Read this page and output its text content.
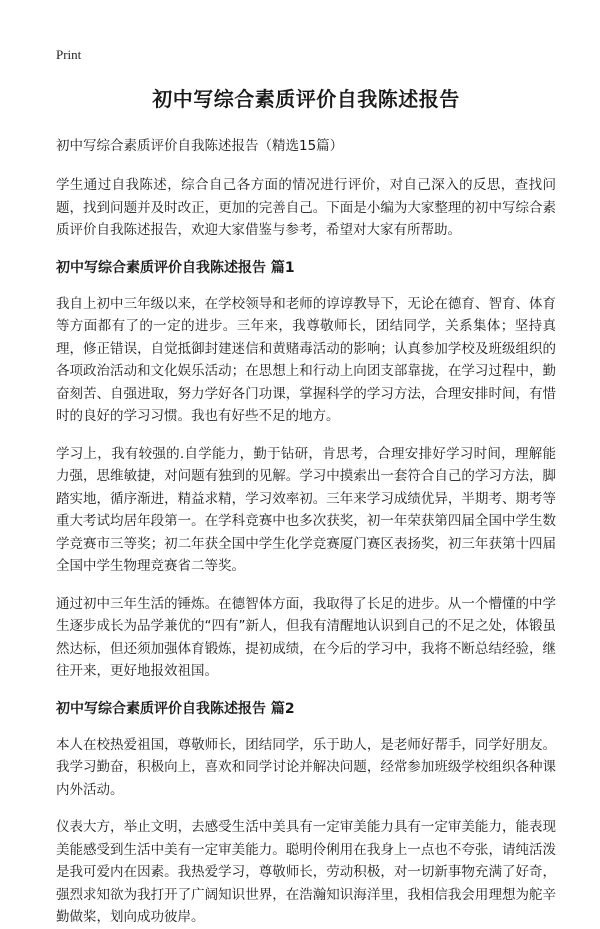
Print
初中写综合素质评价自我陈述报告
初中写综合素质评价自我陈述报告（精选15篇）

学生通过自我陈述，综合自己各方面的情况进行评价，对自己深入的反思，查找问题，找到问题并及时改正，更加的完善自己。下面是小编为大家整理的初中写综合素质评价自我陈述报告，欢迎大家借鉴与参考，希望对大家有所帮助。

初中写综合素质评价自我陈述报告 篇1

我自上初中三年级以来，在学校领导和老师的谆谆教导下，无论在德育、智育、体育等方面都有了的一定的进步。三年来，我尊敬师长，团结同学，关系集体；坚持真理，修正错误，自觉抵御封建迷信和黄赌毒活动的影响；认真参加学校及班级组织的各项政治活动和文化娱乐活动；在思想上和行动上向团支部靠拢，在学习过程中，勤奋刻苦、自强进取，努力学好各门功课，掌握科学的学习方法，合理安排时间，有惜时的良好的学习习惯。我也有好些不足的地方。

学习上，我有较强的.自学能力，勤于钻研，肯思考，合理安排好学习时间，理解能力强，思维敏捷，对问题有独到的见解。学习中摸索出一套符合自己的学习方法，脚踏实地，循序渐进，精益求精，学习效率初。三年来学习成绩优异，半期考、期考等重大考试均居年段第一。在学科竞赛中也多次获奖，初一年荣获第四届全国中学生数学竞赛市三等奖；初二年获全国中学生化学竞赛厦门赛区表扬奖，初三年获第十四届全国中学生物理竞赛省二等奖。

通过初中三年生活的锤炼。在德智体方面，我取得了长足的进步。从一个懵懂的中学生逐步成长为品学兼优的“四有”新人，但我有清醒地认识到自己的不足之处，体锻虽然达标，但还须加强体育锻炼，提初成绩，在今后的学习中，我将不断总结经验，继往开来，更好地报效祖国。

初中写综合素质评价自我陈述报告 篇2

本人在校热爱祖国，尊敬师长，团结同学，乐于助人，是老师好帮手，同学好朋友。我学习勤奋，积极向上，喜欢和同学讨论并解决问题，经常参加班级学校组织各种课内外活动。

仪表大方，举止文明，去感受生活中美具有一定审美能力具有一定审美能力，能表现美能感受到生活中美有一定审美能力。聪明伶俐用在我身上一点也不夸张，请纯活泼是我可爱内在因素。我热爱学习，尊敬师长，劳动积极，对一切新事物充满了好奇，强烈求知欲为我打开了广阔知识世界，在浩瀚知识海洋里，我相信我会用理想为舵辛勤做桨，划向成功彼岸。
